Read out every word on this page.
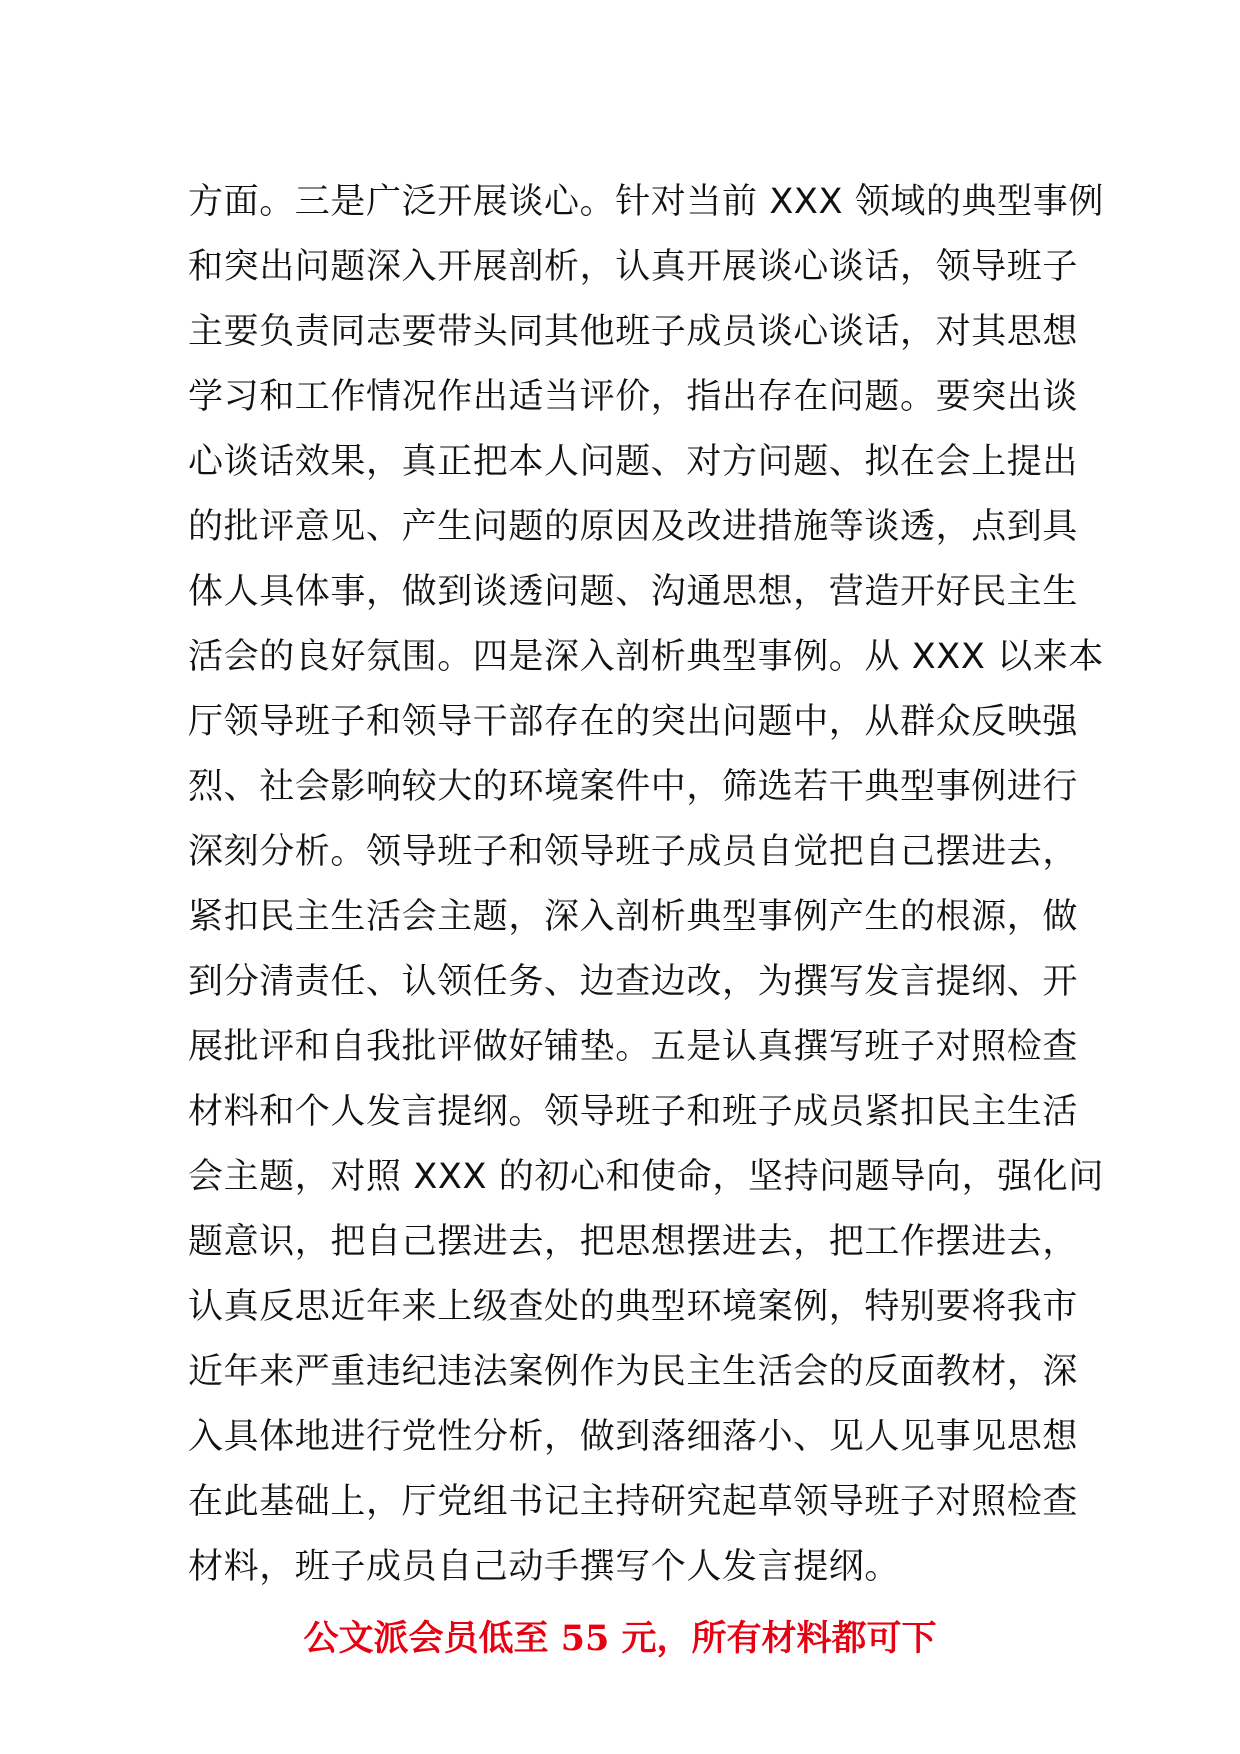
方面。三是广泛开展谈心。针对当前 XXX 领域的典型事例
和突出问题深入开展剖析，认真开展谈心谈话，领导班子
主要负责同志要带头同其他班子成员谈心谈话，对其思想
学习和工作情况作出适当评价，指出存在问题。要突出谈
心谈话效果，真正把本人问题、对方问题、拟在会上提出
的批评意见、产生问题的原因及改进措施等谈透，点到具
体人具体事，做到谈透问题、沟通思想，营造开好民主生
活会的良好氛围。四是深入剖析典型事例。从 XXX 以来本
厅领导班子和领导干部存在的突出问题中，从群众反映强
烈、社会影响较大的环境案件中，筛选若干典型事例进行
深刻分析。领导班子和领导班子成员自觉把自己摆进去，
紧扣民主生活会主题，深入剖析典型事例产生的根源，做
到分清责任、认领任务、边查边改，为撰写发言提纲、开
展批评和自我批评做好铺垫。五是认真撰写班子对照检查
材料和个人发言提纲。领导班子和班子成员紧扣民主生活
会主题，对照 XXX 的初心和使命，坚持问题导向，强化问
题意识，把自己摆进去，把思想摆进去，把工作摆进去，
认真反思近年来上级查处的典型环境案例，特别要将我市
近年来严重违纪违法案例作为民主生活会的反面教材，深
入具体地进行党性分析，做到落细落小、见人见事见思想
在此基础上，厅党组书记主持研究起草领导班子对照检查
材料，班子成员自己动手撰写个人发言提纲。
公文派会员低至 55 元，所有材料都可下
